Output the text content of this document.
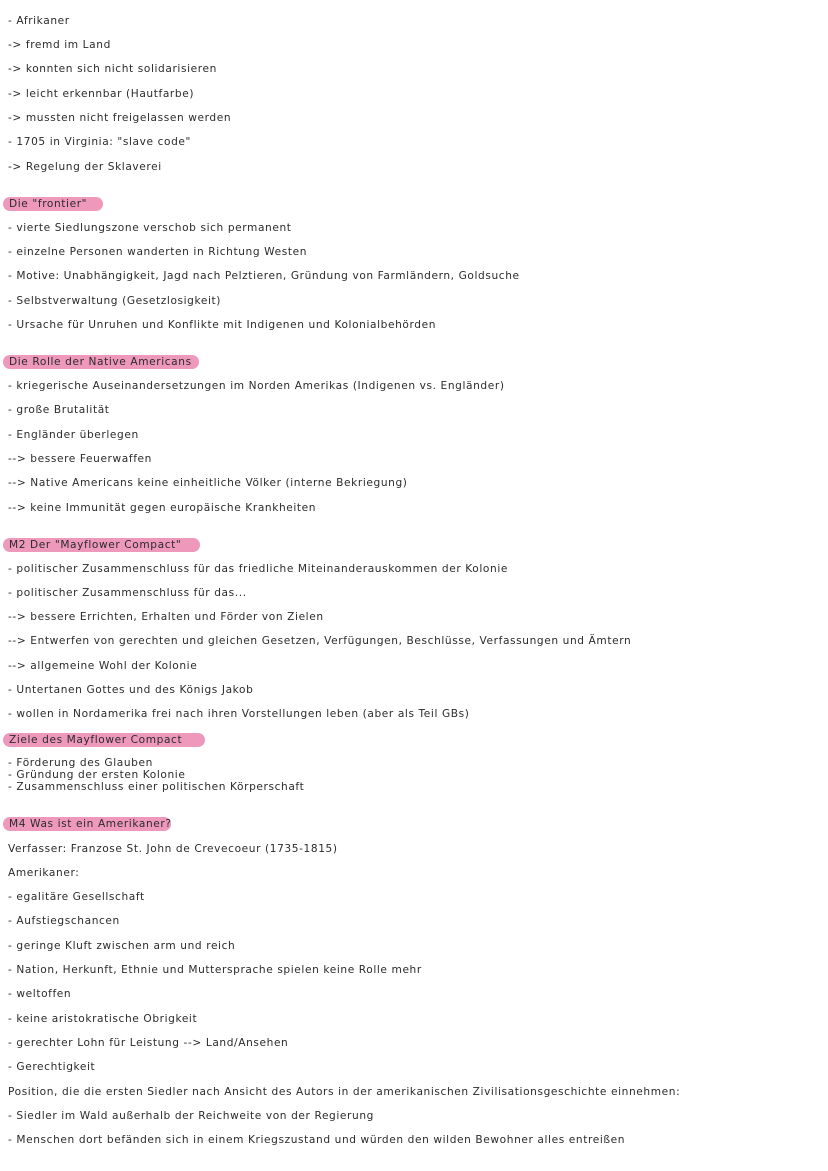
- Afrikaner
-> fremd im Land
-> konnten sich nicht solidarisieren
-> leicht erkennbar (Hautfarbe)
-> mussten nicht freigelassen werden
- 1705 in Virginia: "slave code"
-> Regelung der Sklaverei
Die "frontier"
- vierte Siedlungszone verschob sich permanent
- einzelne Personen wanderten in Richtung Westen
- Motive: Unabhängigkeit, Jagd nach Pelztieren, Gründung von Farmländern, Goldsuche
- Selbstverwaltung (Gesetzlosigkeit)
- Ursache für Unruhen und Konflikte mit Indigenen und Kolonialbehörden
Die Rolle der Native Americans
- kriegerische Auseinandersetzungen im Norden Amerikas (Indigenen vs. Engländer)
- große Brutalität
- Engländer überlegen
--> bessere Feuerwaffen
--> Native Americans keine einheitliche Völker (interne Bekriegung)
--> keine Immunität gegen europäische Krankheiten
M2 Der "Mayflower Compact"
- politischer Zusammenschluss für das friedliche Miteinanderauskommen der Kolonie
- politischer Zusammenschluss für das...
--> bessere Errichten, Erhalten und Förder von Zielen
--> Entwerfen von gerechten und gleichen Gesetzen, Verfügungen, Beschlüsse, Verfassungen und Ämtern
--> allgemeine Wohl der Kolonie
- Untertanen Gottes und des Königs Jakob
- wollen in Nordamerika frei nach ihren Vorstellungen leben (aber als Teil GBs)
Ziele des Mayflower Compact
- Förderung des Glauben
- Gründung der ersten Kolonie
- Zusammenschluss einer politischen Körperschaft
M4 Was ist ein Amerikaner?
Verfasser: Franzose St. John de Crevecoeur (1735-1815)
Amerikaner:
- egalitäre Gesellschaft
- Aufstiegschancen
- geringe Kluft zwischen arm und reich
- Nation, Herkunft, Ethnie und Muttersprache spielen keine Rolle mehr
- weltoffen
- keine aristokratische Obrigkeit
- gerechter Lohn für Leistung --> Land/Ansehen
- Gerechtigkeit
Position, die die ersten Siedler nach Ansicht des Autors in der amerikanischen Zivilisationsgeschichte einnehmen:
- Siedler im Wald außerhalb der Reichweite von der Regierung
- Menschen dort befänden sich in einem Kriegszustand und würden den wilden Bewohner alles entreißen
